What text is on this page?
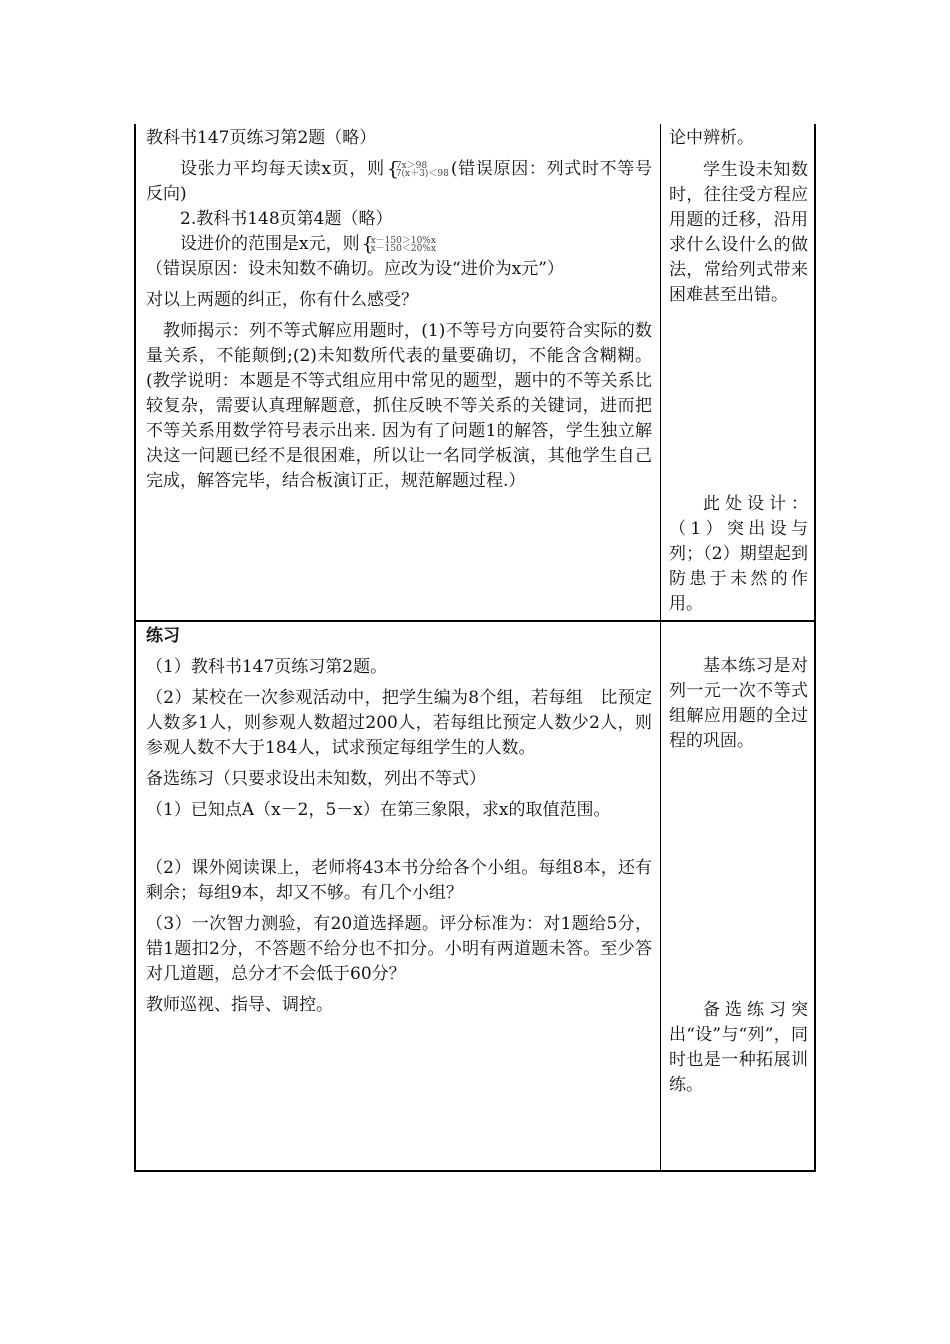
教科书147页练习第2题（略）

设张力平均每天读x页，则 {
7x＞98
7(x＋3)＜98 (错误原因：列式时不等号反向)

2.教科书148页第4题（略）

设进价的范围是x元，则 {
x－150＞10%x
x－150＜20%x

（错误原因：设未知数不确切。应改为设“进价为x元”）

对以上两题的纠正，你有什么感受？

教师揭示：列不等式解应用题时，(1)不等号方向要符合实际的数量关系，不能颠倒;(2)未知数所代表的量要确切，不能含含糊糊。(教学说明：本题是不等式组应用中常见的题型，题中的不等关系比较复杂，需要认真理解题意，抓住反映不等关系的关键词，进而把不等关系用数学符号表示出来. 因为有了问题1的解答，学生独立解决这一问题已经不是很困难，所以让一名同学板演，其他学生自己完成，解答完毕，结合板演订正，规范解题过程.）

论中辨析。

学生设未知数时，往往受方程应用题的迁移，沿用求什么设什么的做法，常给列式带来困难甚至出错。

此处设计：（1）突出设与列；（2）期望起到防患于未然的作用。

练习

（1）教科书147页练习第2题。

（2）某校在一次参观活动中，把学生编为8个组，若每组　比预定人数多1人，则参观人数超过200人，若每组比预定人数少2人，则参观人数不大于184人，试求预定每组学生的人数。

备选练习（只要求设出未知数，列出不等式）

（1）已知点A（x－2，5－x）在第三象限，求x的取值范围。

（2）课外阅读课上，老师将43本书分给各个小组。每组8本，还有剩余；每组9本，却又不够。有几个小组？

（3）一次智力测验，有20道选择题。评分标准为：对1题给5分，错1题扣2分，不答题不给分也不扣分。小明有两道题未答。至少答对几道题，总分才不会低于60分？

教师巡视、指导、调控。

基本练习是对列一元一次不等式组解应用题的全过程的巩固。

备选练习突出“设”与“列”，同时也是一种拓展训练。
